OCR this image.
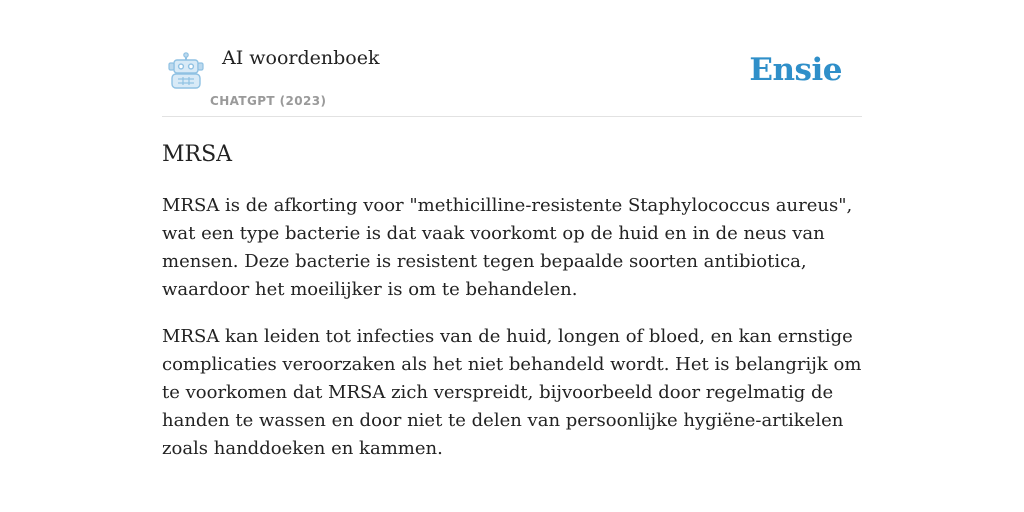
AI woordenboek
CHATGPT (2023)
Ensie
MRSA

MRSA is de afkorting voor "methicilline-resistente Staphylococcus aureus", wat een type bacterie is dat vaak voorkomt op de huid en in de neus van mensen. Deze bacterie is resistent tegen bepaalde soorten antibiotica, waardoor het moeilijker is om te behandelen.

MRSA kan leiden tot infecties van de huid, longen of bloed, en kan ernstige complicaties veroorzaken als het niet behandeld wordt. Het is belangrijk om te voorkomen dat MRSA zich verspreidt, bijvoorbeeld door regelmatig de handen te wassen en door niet te delen van persoonlijke hygiëne-artikelen zoals handdoeken en kammen.
